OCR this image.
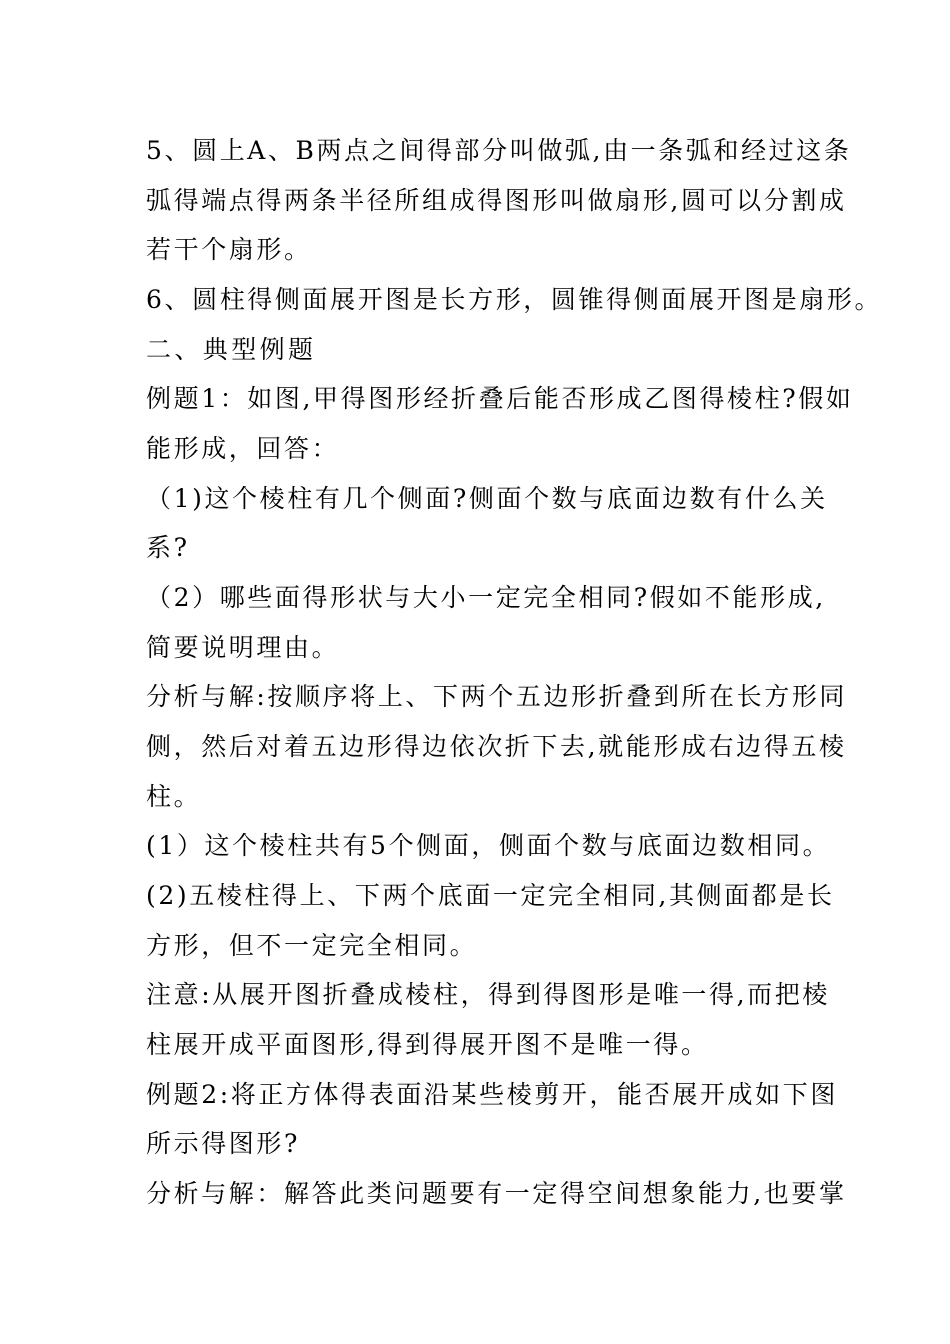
5、圆上A、B两点之间得部分叫做弧,由一条弧和经过这条

弧得端点得两条半径所组成得图形叫做扇形,圆可以分割成

若干个扇形。

6、圆柱得侧面展开图是长方形，圆锥得侧面展开图是扇形。

二、典型例题

例题1：如图,甲得图形经折叠后能否形成乙图得棱柱?假如

能形成，回答：

（1)这个棱柱有几个侧面?侧面个数与底面边数有什么关

系?

（2）哪些面得形状与大小一定完全相同?假如不能形成,

简要说明理由。

分析与解:按顺序将上、下两个五边形折叠到所在长方形同

侧，然后对着五边形得边依次折下去,就能形成右边得五棱

柱。

(1）这个棱柱共有5个侧面，侧面个数与底面边数相同。

(2)五棱柱得上、下两个底面一定完全相同,其侧面都是长

方形，但不一定完全相同。

注意:从展开图折叠成棱柱，得到得图形是唯一得,而把棱

柱展开成平面图形,得到得展开图不是唯一得。

例题2:将正方体得表面沿某些棱剪开，能否展开成如下图

所示得图形?

分析与解：解答此类问题要有一定得空间想象能力,也要掌
